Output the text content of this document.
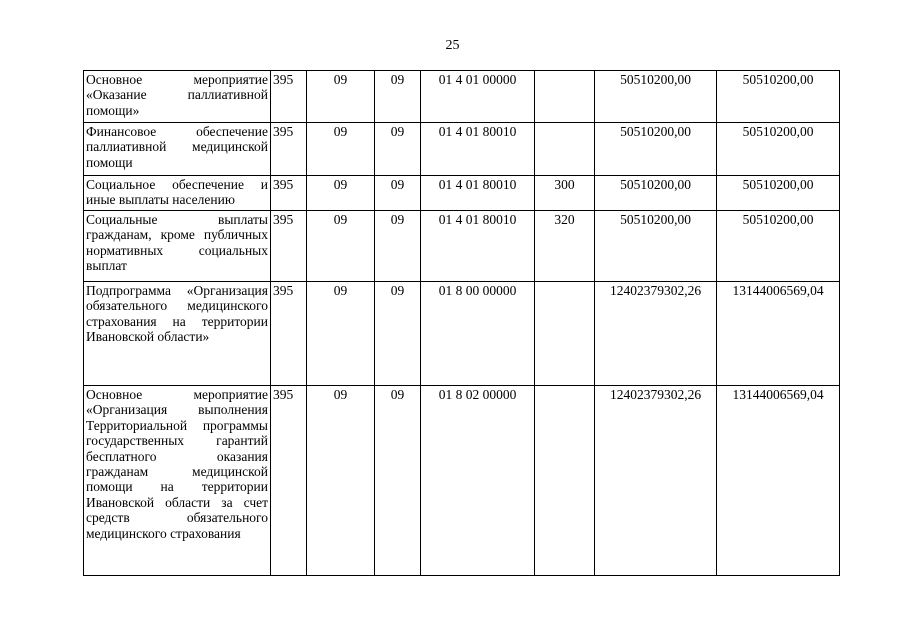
25
Основное мероприятие «Оказание паллиативной помощи»	395	09	09	01 4 01 00000		50510200,00	50510200,00
Финансовое обеспечение паллиативной медицинской помощи	395	09	09	01 4 01 80010		50510200,00	50510200,00
Социальное обеспечение и иные выплаты населению	395	09	09	01 4 01 80010	300	50510200,00	50510200,00
Социальные выплаты гражданам, кроме публичных нормативных социальных выплат	395	09	09	01 4 01 80010	320	50510200,00	50510200,00
Подпрограмма «Организация обязательного медицинского страхования на территории Ивановской области»	395	09	09	01 8 00 00000		12402379302,26	13144006569,04
Основное мероприятие «Организация выполнения Территориальной программы государственных гарантий бесплатного оказания гражданам медицинской помощи на территории Ивановской области за счет средств обязательного медицинского страхования	395	09	09	01 8 02 00000		12402379302,26	13144006569,04
